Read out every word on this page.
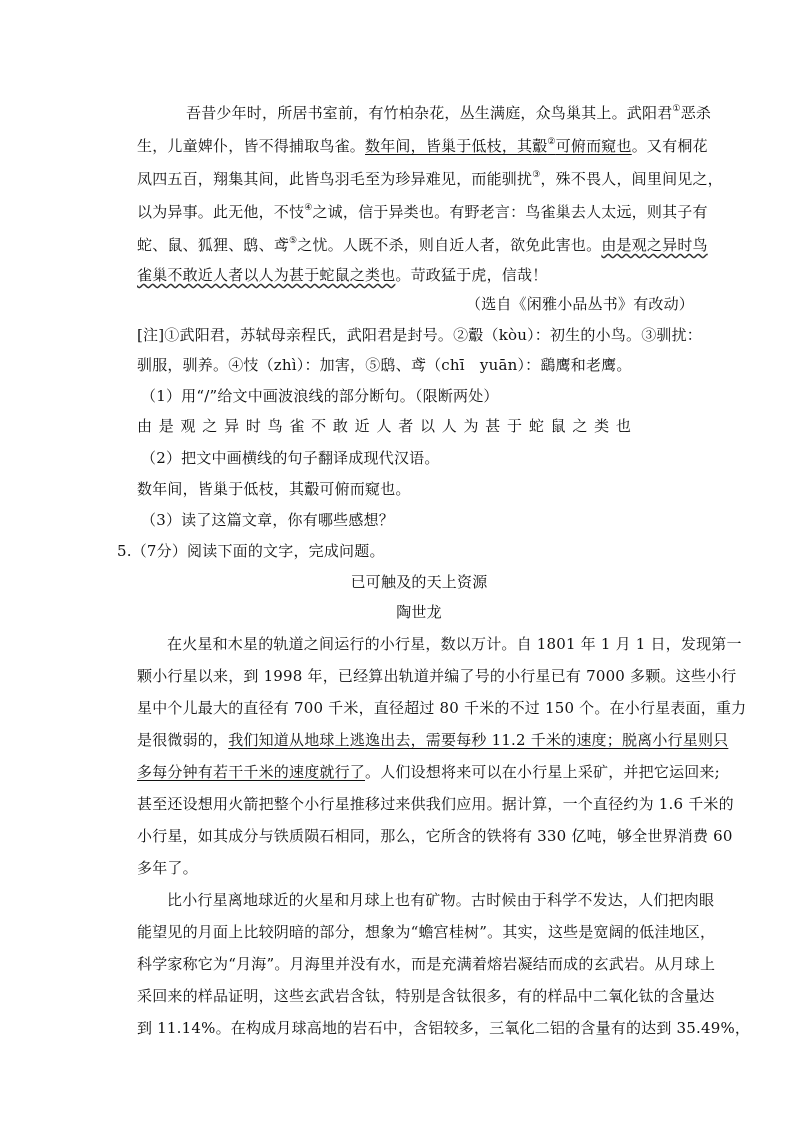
吾昔少年时，所居书室前，有竹柏杂花，丛生满庭，众鸟巢其上。武阳君①恶杀
生，儿童婢仆，皆不得捕取鸟雀。数年间，皆巢于低枝，其鷇②可俯而窥也。又有桐花
凤四五百，翔集其间，此皆鸟羽毛至为珍异难见，而能驯扰③，殊不畏人，闾里间见之，
以为异事。此无他，不忮④之诚，信于异类也。有野老言：鸟雀巢去人太远，则其子有
蛇、鼠、狐狸、鸱、鸢⑤之忧。人既不杀，则自近人者，欲免此害也。由是观之异时鸟
雀巢不敢近人者以人为甚于蛇鼠之类也。苛政猛于虎，信哉！
（选自《闲雅小品丛书》有改动）
[注]①武阳君，苏轼母亲程氏，武阳君是封号。②鷇（kòu）：初生的小鸟。③驯扰：
驯服，驯养。④忮（zhì）：加害，⑤鸱、鸢（chī　yuān）：鷂鹰和老鹰。
（1）用“/”给文中画波浪线的部分断句。（限断两处）
由 是 观 之 异 时 鸟 雀 不 敢 近 人 者 以 人 为 甚 于 蛇 鼠 之 类 也
（2）把文中画横线的句子翻译成现代汉语。
数年间，皆巢于低枝，其鷇可俯而窥也。
（3）读了这篇文章，你有哪些感想？
5.（7分）阅读下面的文字，完成问题。
已可触及的天上资源
陶世龙
在火星和木星的轨道之间运行的小行星，数以万计。自 1801 年 1 月 1 日，发现第一
颗小行星以来，到 1998 年，已经算出轨道并编了号的小行星已有 7000 多颗。这些小行
星中个儿最大的直径有 700 千米，直径超过 80 千米的不过 150 个。在小行星表面，重力
是很微弱的，我们知道从地球上逃逸出去，需要每秒 11.2 千米的速度；脱离小行星则只
多每分钟有若干千米的速度就行了。人们设想将来可以在小行星上采矿，并把它运回来;
甚至还设想用火箭把整个小行星推移过来供我们应用。据计算，一个直径约为 1.6 千米的
小行星，如其成分与铁质陨石相同，那么，它所含的铁将有 330 亿吨，够全世界消费 60
多年了。
比小行星离地球近的火星和月球上也有矿物。古时候由于科学不发达，人们把肉眼
能望见的月面上比较阴暗的部分，想象为“蟾宫桂树”。其实，这些是宽阔的低洼地区，
科学家称它为“月海”。月海里并没有水，而是充满着熔岩凝结而成的玄武岩。从月球上
采回来的样品证明，这些玄武岩含钛，特别是含钛很多，有的样品中二氧化钛的含量达
到 11.14%。在构成月球高地的岩石中，含铝较多，三氧化二铝的含量有的达到 35.49%，
